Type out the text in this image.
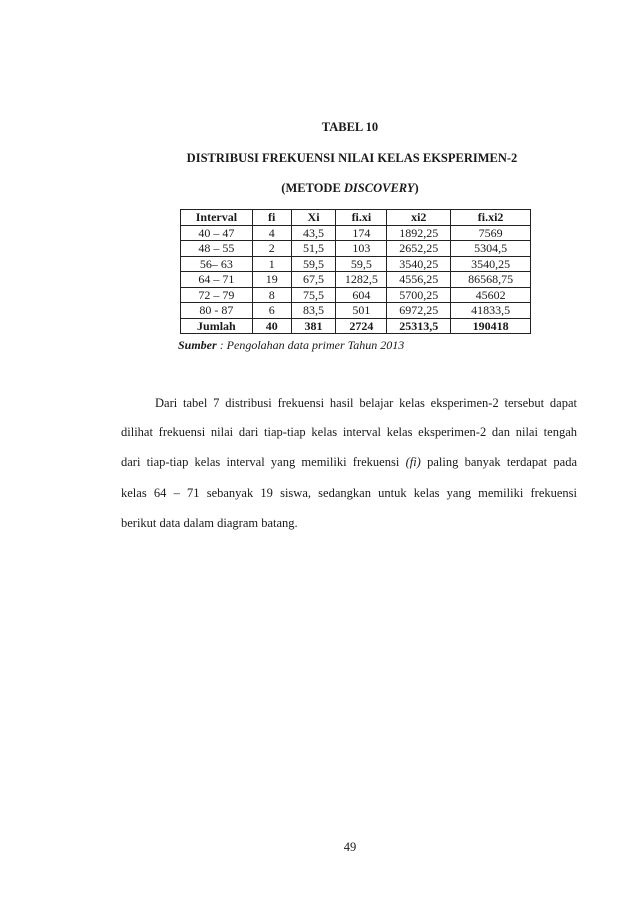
TABEL 10
DISTRIBUSI FREKUENSI NILAI KELAS EKSPERIMEN-2
(METODE DISCOVERY)
Interval	fi	Xi	fi.xi	xi2	fi.xi2
40 – 47	4	43,5	174	1892,25	7569
48 – 55	2	51,5	103	2652,25	5304,5
56– 63	1	59,5	59,5	3540,25	3540,25
64 – 71	19	67,5	1282,5	4556,25	86568,75
72 – 79	8	75,5	604	5700,25	45602
80 - 87	6	83,5	501	6972,25	41833,5
Jumlah	40	381	2724	25313,5	190418
Sumber : Pengolahan data primer Tahun 2013
Dari tabel 7 distribusi frekuensi hasil belajar kelas eksperimen-2 tersebut dapat
dilihat frekuensi nilai dari tiap-tiap kelas interval kelas eksperimen-2 dan nilai tengah
dari tiap-tiap kelas interval yang memiliki frekuensi (fi) paling banyak terdapat pada
kelas 64 – 71 sebanyak 19 siswa, sedangkan untuk kelas yang memiliki frekuensi
berikut data dalam diagram batang.
49
